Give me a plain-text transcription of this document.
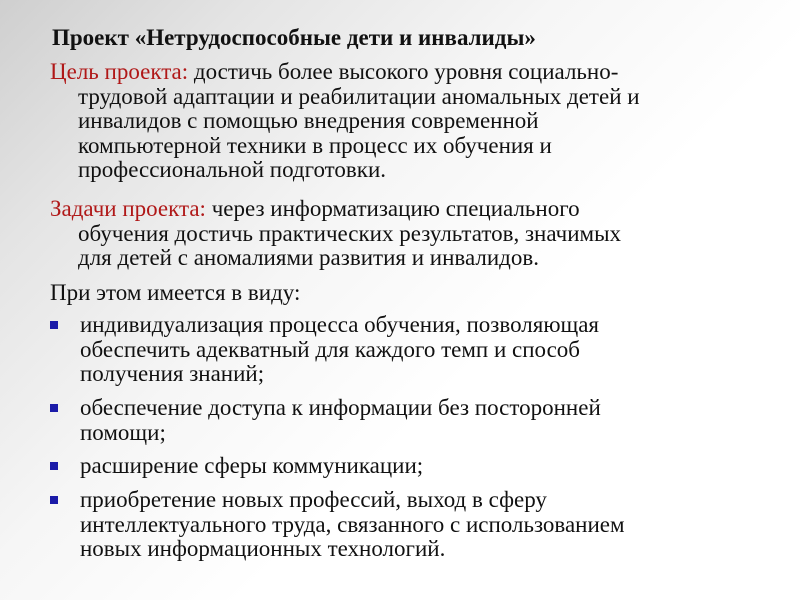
Проект «Нетрудоспособные дети и инвалиды»
Цель проекта: достичь более высокого уровня социально-
трудовой адаптации и реабилитации аномальных детей и
инвалидов с помощью внедрения современной
компьютерной техники в процесс их обучения и
профессиональной подготовки.
Задачи проекта: через информатизацию специального
обучения достичь практических результатов, значимых
для детей с аномалиями развития и инвалидов.
При этом имеется в виду:
индивидуализация процесса обучения, позволяющая
обеспечить адекватный для каждого темп и способ
получения знаний;
обеспечение доступа к информации без посторонней
помощи;
расширение сферы коммуникации;
приобретение новых профессий, выход в сферу
интеллектуального труда, связанного с использованием
новых информационных технологий.
